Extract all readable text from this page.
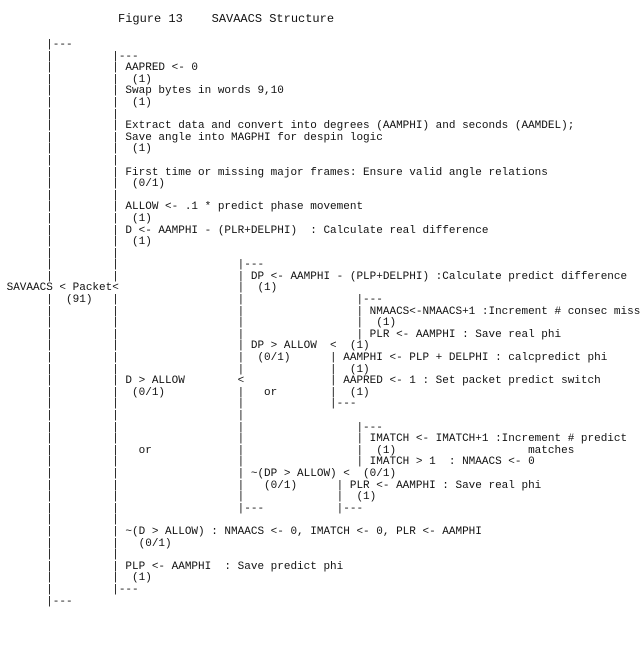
Figure 13    SAVAACS Structure
|---
|         |---
|         | AAPRED <- 0
|         |  (1)
|         | Swap bytes in words 9,10
|         |  (1)
|         |
|         | Extract data and convert into degrees (AAMPHI) and seconds (AAMDEL);
|         | Save angle into MAGPHI for despin logic
|         |  (1)
|         |
|         | First time or missing major frames: Ensure valid angle relations
|         |  (0/1)
|         |
|         | ALLOW <- .1 * predict phase movement
|         |  (1)
|         | D <- AAMPHI - (PLR+DELPHI)  : Calculate real difference
|         |  (1)
|         |
|         |                  |---
|         |                  | DP <- AAMPHI - (PLP+DELPHI) :Calculate predict difference
SAVAACS < Packet<                  |  (1)
|  (91)   |                  |                 |---
|         |                  |                 | NMAACS<-NMAACS+1 :Increment # consec miss
|         |                  |                 |  (1)
|         |                  |                 | PLR <- AAMPHI : Save real phi
|         |                  | DP > ALLOW  <  (1)
|         |                  |  (0/1)      | AAMPHI <- PLP + DELPHI : calcpredict phi
|         |                  |             |  (1)
|         | D > ALLOW        <             | AAPRED <- 1 : Set packet predict switch
|         |  (0/1)           |   or        |  (1)
|         |                  |             |---
|         |                  |
|         |                  |                 |---
|         |                  |                 | IMATCH <- IMATCH+1 :Increment # predict
|         |   or             |                 |  (1)                    matches
|         |                  |                 | IMATCH > 1  : NMAACS <- 0
|         |                  | ~(DP > ALLOW) <  (0/1)
|         |                  |   (0/1)      | PLR <- AAMPHI : Save real phi
|         |                  |              |  (1)
|         |                  |---           |---
|         |
|         | ~(D > ALLOW) : NMAACS <- 0, IMATCH <- 0, PLR <- AAMPHI
|         |   (0/1)
|         |
|         | PLP <- AAMPHI  : Save predict phi
|         |  (1)
|         |---
|---
